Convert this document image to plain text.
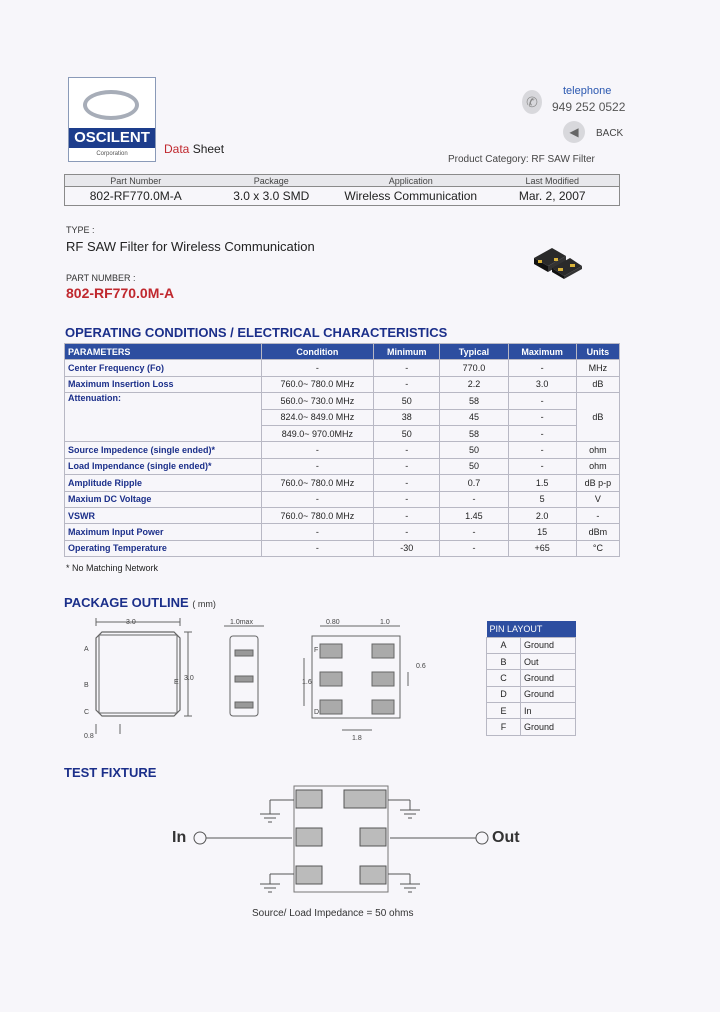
OSCILENT
Corporation	Data Sheet
✆
telephone
949 252 0522
◀	BACK
Product Category: RF SAW Filter
Part Number	Package	Application	Last Modified
802-RF770.0M-A	3.0 x 3.0 SMD	Wireless Communication	Mar. 2, 2007
TYPE :
RF SAW Filter for Wireless Communication
PART NUMBER :
802-RF770.0M-A
OPERATING CONDITIONS / ELECTRICAL CHARACTERISTICS
PARAMETERS	Condition	Minimum	Typical	Maximum	Units
Center Frequency (Fo)	-	-	770.0	-	MHz
Maximum Insertion Loss	760.0~ 780.0 MHz	-	2.2	3.0	dB
Attenuation:	560.0~ 730.0 MHz	50	58	-	dB
	824.0~ 849.0 MHz	38	45	-	
	849.0~ 970.0MHz	50	58	-	
Source Impedence (single ended)*	-	-	50	-	ohm
Load Impendance (single ended)*	-	-	50	-	ohm
Amplitude Ripple	760.0~ 780.0 MHz	-	0.7	1.5	dB p-p
Maxium DC Voltage	-	-	-	5	V
VSWR	760.0~ 780.0 MHz	-	1.45	2.0	-
Maximum Input Power	-	-	-	15	dBm
Operating Temperature	-	-30	-	+65	°C
* No Matching Network
PACKAGE OUTLINE ( mm)
3.0
3.0
0.8
1.0max	0.80	1.0
0.6
1.6
1.8
A
B
C	D
E
F
PIN LAYOUT	
A	Ground
B	Out
C	Ground
D	Ground
E	In
F	Ground
TEST FIXTURE
In	Out
Source/ Load Impedance = 50 ohms
